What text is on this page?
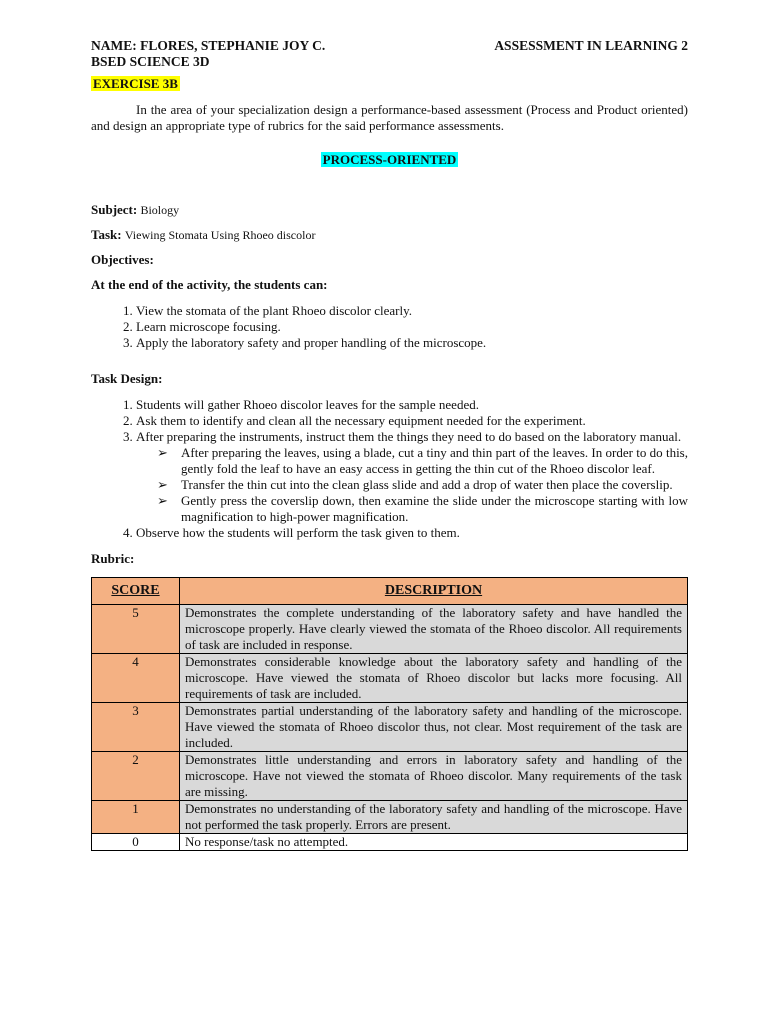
NAME: FLORES, STEPHANIE JOY C.	ASSESSMENT IN LEARNING 2
BSED SCIENCE 3D
EXERCISE 3B
In the area of your specialization design a performance-based assessment (Process and Product oriented) and design an appropriate type of rubrics for the said performance assessments.
PROCESS-ORIENTED
Subject: Biology
Task: Viewing Stomata Using Rhoeo discolor
Objectives:
At the end of the activity, the students can:
1. View the stomata of the plant Rhoeo discolor clearly.
2. Learn microscope focusing.
3. Apply the laboratory safety and proper handling of the microscope.
Task Design:
1. Students will gather Rhoeo discolor leaves for the sample needed.
2. Ask them to identify and clean all the necessary equipment needed for the experiment.
3. After preparing the instruments, instruct them the things they need to do based on the laboratory manual.
➢ After preparing the leaves, using a blade, cut a tiny and thin part of the leaves. In order to do this, gently fold the leaf to have an easy access in getting the thin cut of the Rhoeo discolor leaf.
➢ Transfer the thin cut into the clean glass slide and add a drop of water then place the coverslip.
➢ Gently press the coverslip down, then examine the slide under the microscope starting with low magnification to high-power magnification.
4. Observe how the students will perform the task given to them.
Rubric:
SCORE	DESCRIPTION
5	Demonstrates the complete understanding of the laboratory safety and have handled the microscope properly. Have clearly viewed the stomata of the Rhoeo discolor. All requirements of task are included in response.
4	Demonstrates considerable knowledge about the laboratory safety and handling of the microscope. Have viewed the stomata of Rhoeo discolor but lacks more focusing. All requirements of task are included.
3	Demonstrates partial understanding of the laboratory safety and handling of the microscope. Have viewed the stomata of Rhoeo discolor thus, not clear. Most requirement of the task are included.
2	Demonstrates little understanding and errors in laboratory safety and handling of the microscope. Have not viewed the stomata of Rhoeo discolor. Many requirements of the task are missing.
1	Demonstrates no understanding of the laboratory safety and handling of the microscope. Have not performed the task properly. Errors are present.
0	No response/task no attempted.
